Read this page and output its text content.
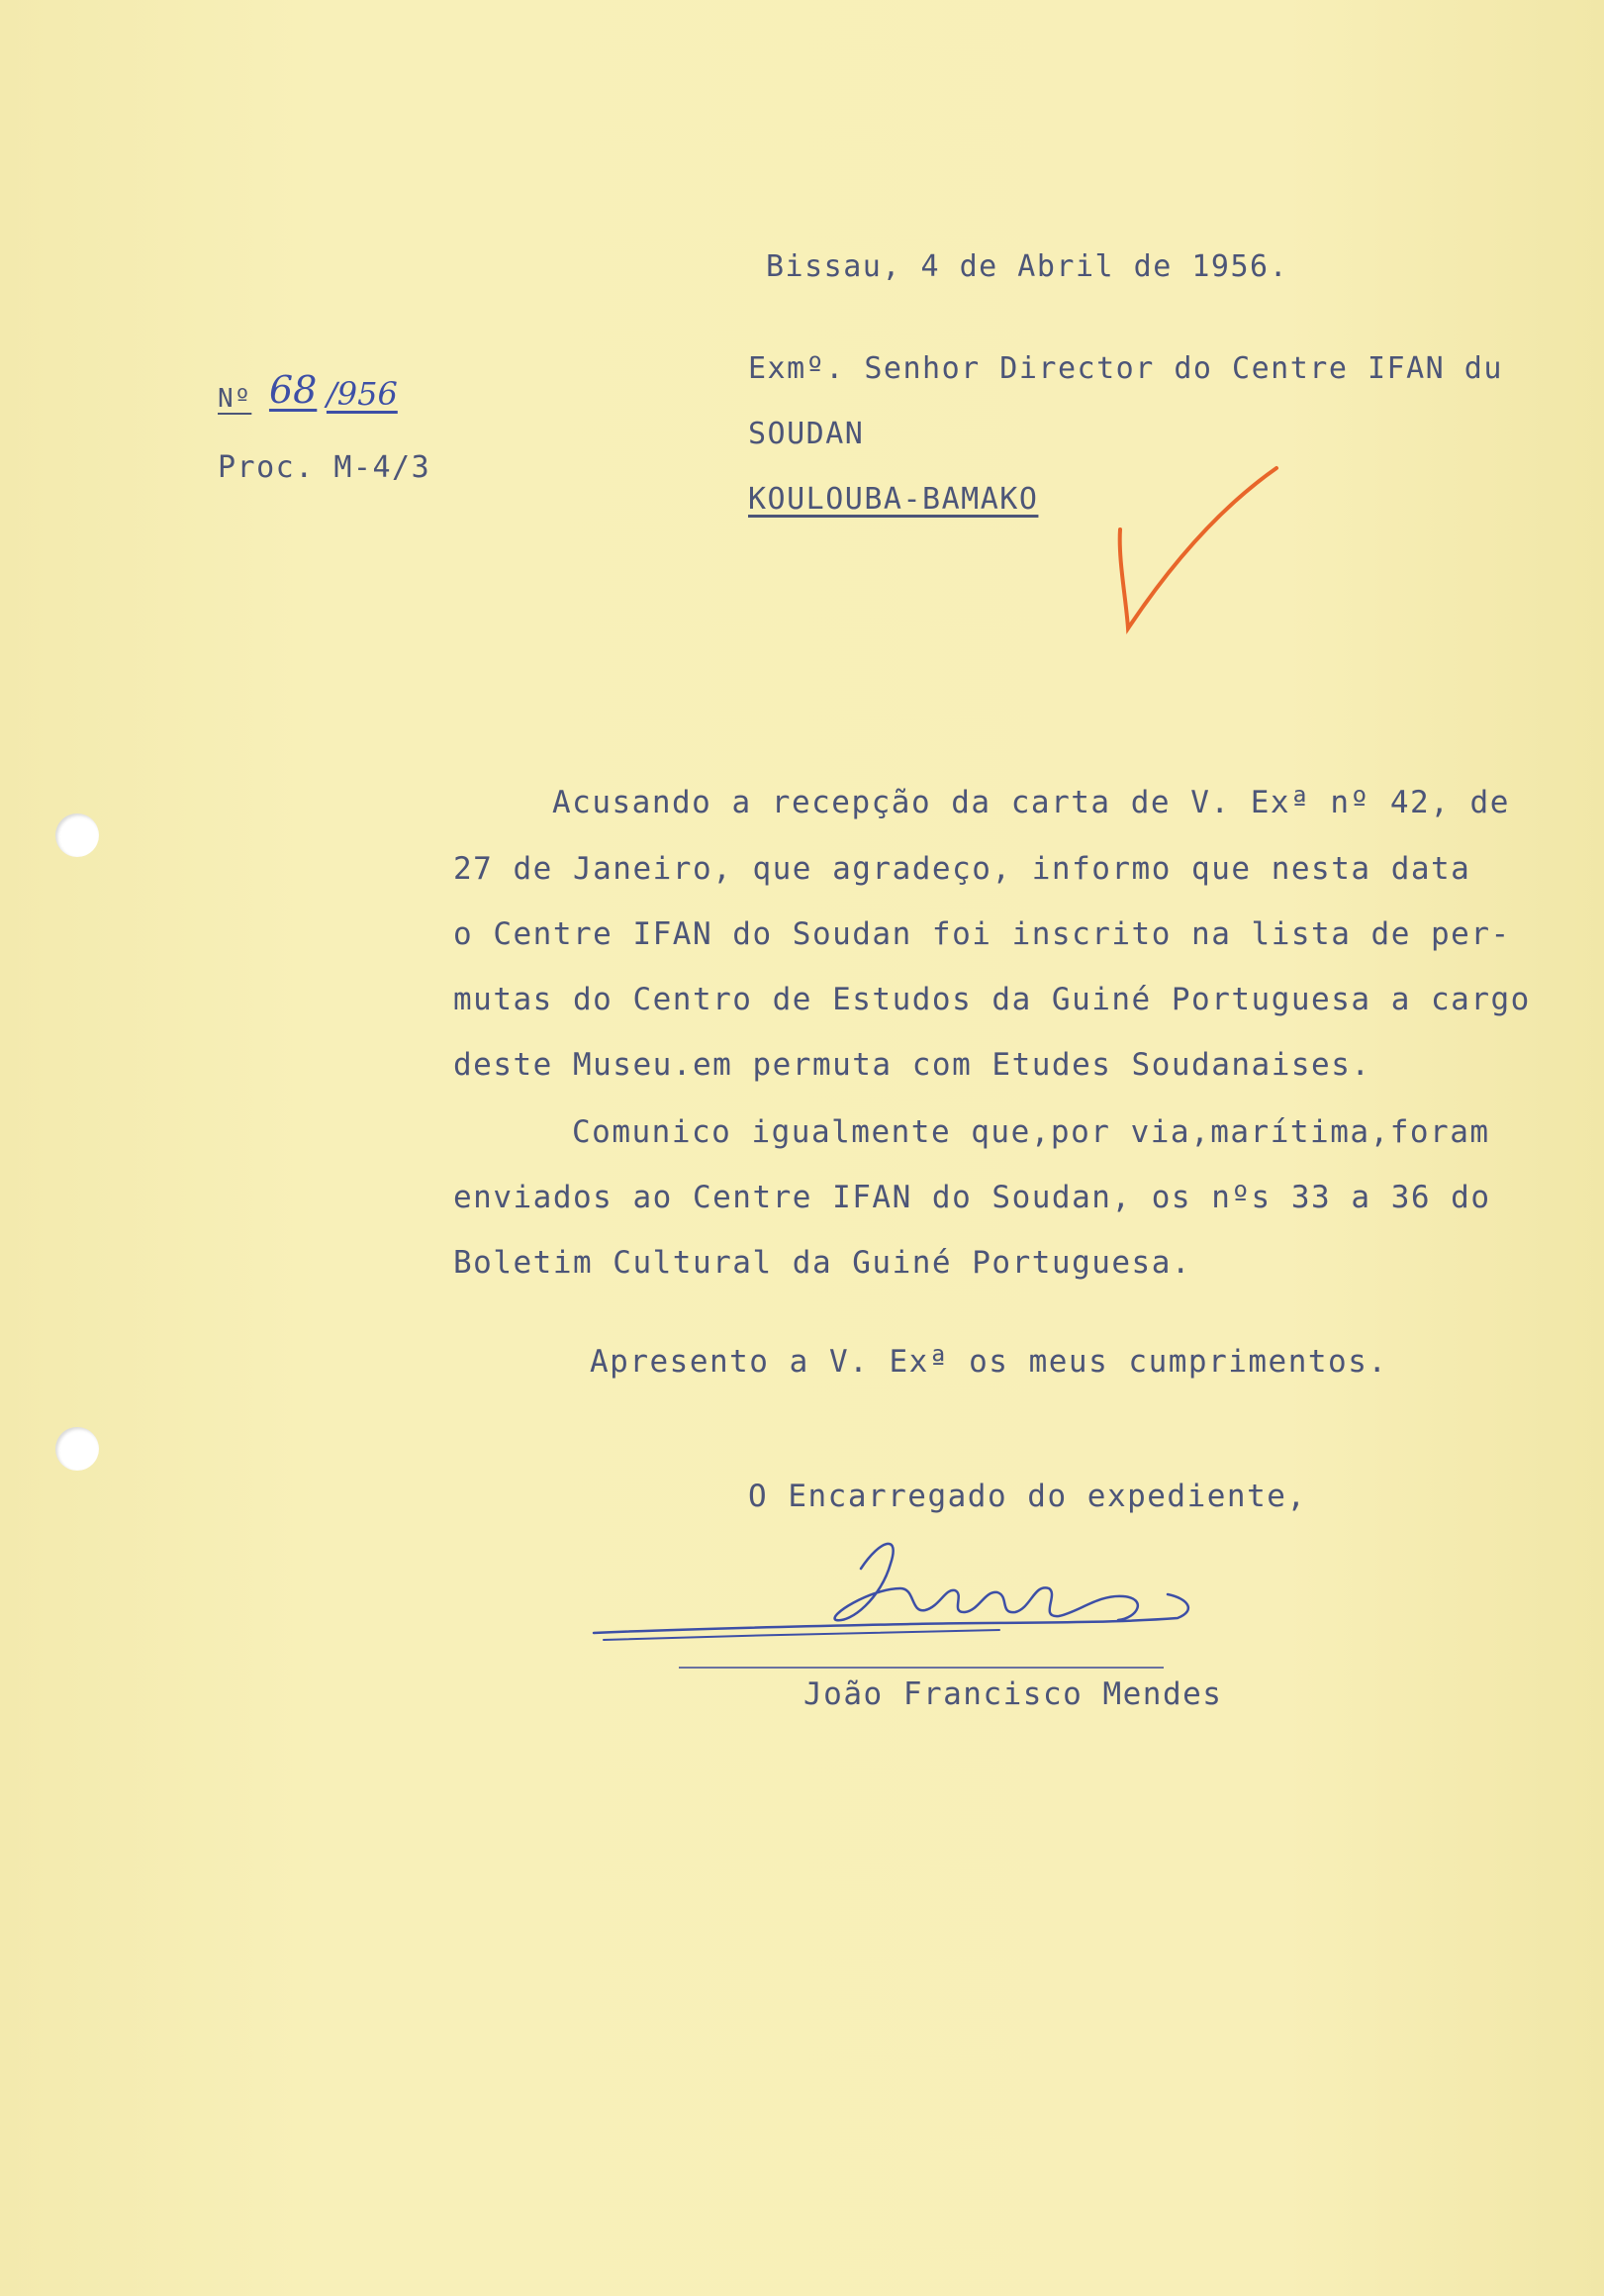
Bissau, 4 de Abril de 1956.
Nº 68 /956
Proc. M-4/3
Exmº. Senhor Director do Centre IFAN du
SOUDAN
KOULOUBA-BAMAKO
Acusando a recepção da carta de V. Exª nº 42, de
27 de Janeiro, que agradeço, informo que nesta data
o Centre IFAN do Soudan foi inscrito na lista de per-
mutas do Centro de Estudos da Guiné Portuguesa a cargo
deste Museu.em permuta com Etudes Soudanaises.
Comunico igualmente que,por via,marítima,foram
enviados ao Centre IFAN do Soudan, os nºs 33 a 36 do
Boletim Cultural da Guiné Portuguesa.
Apresento a V. Exª os meus cumprimentos.
O Encarregado do expediente,
João Francisco Mendes
